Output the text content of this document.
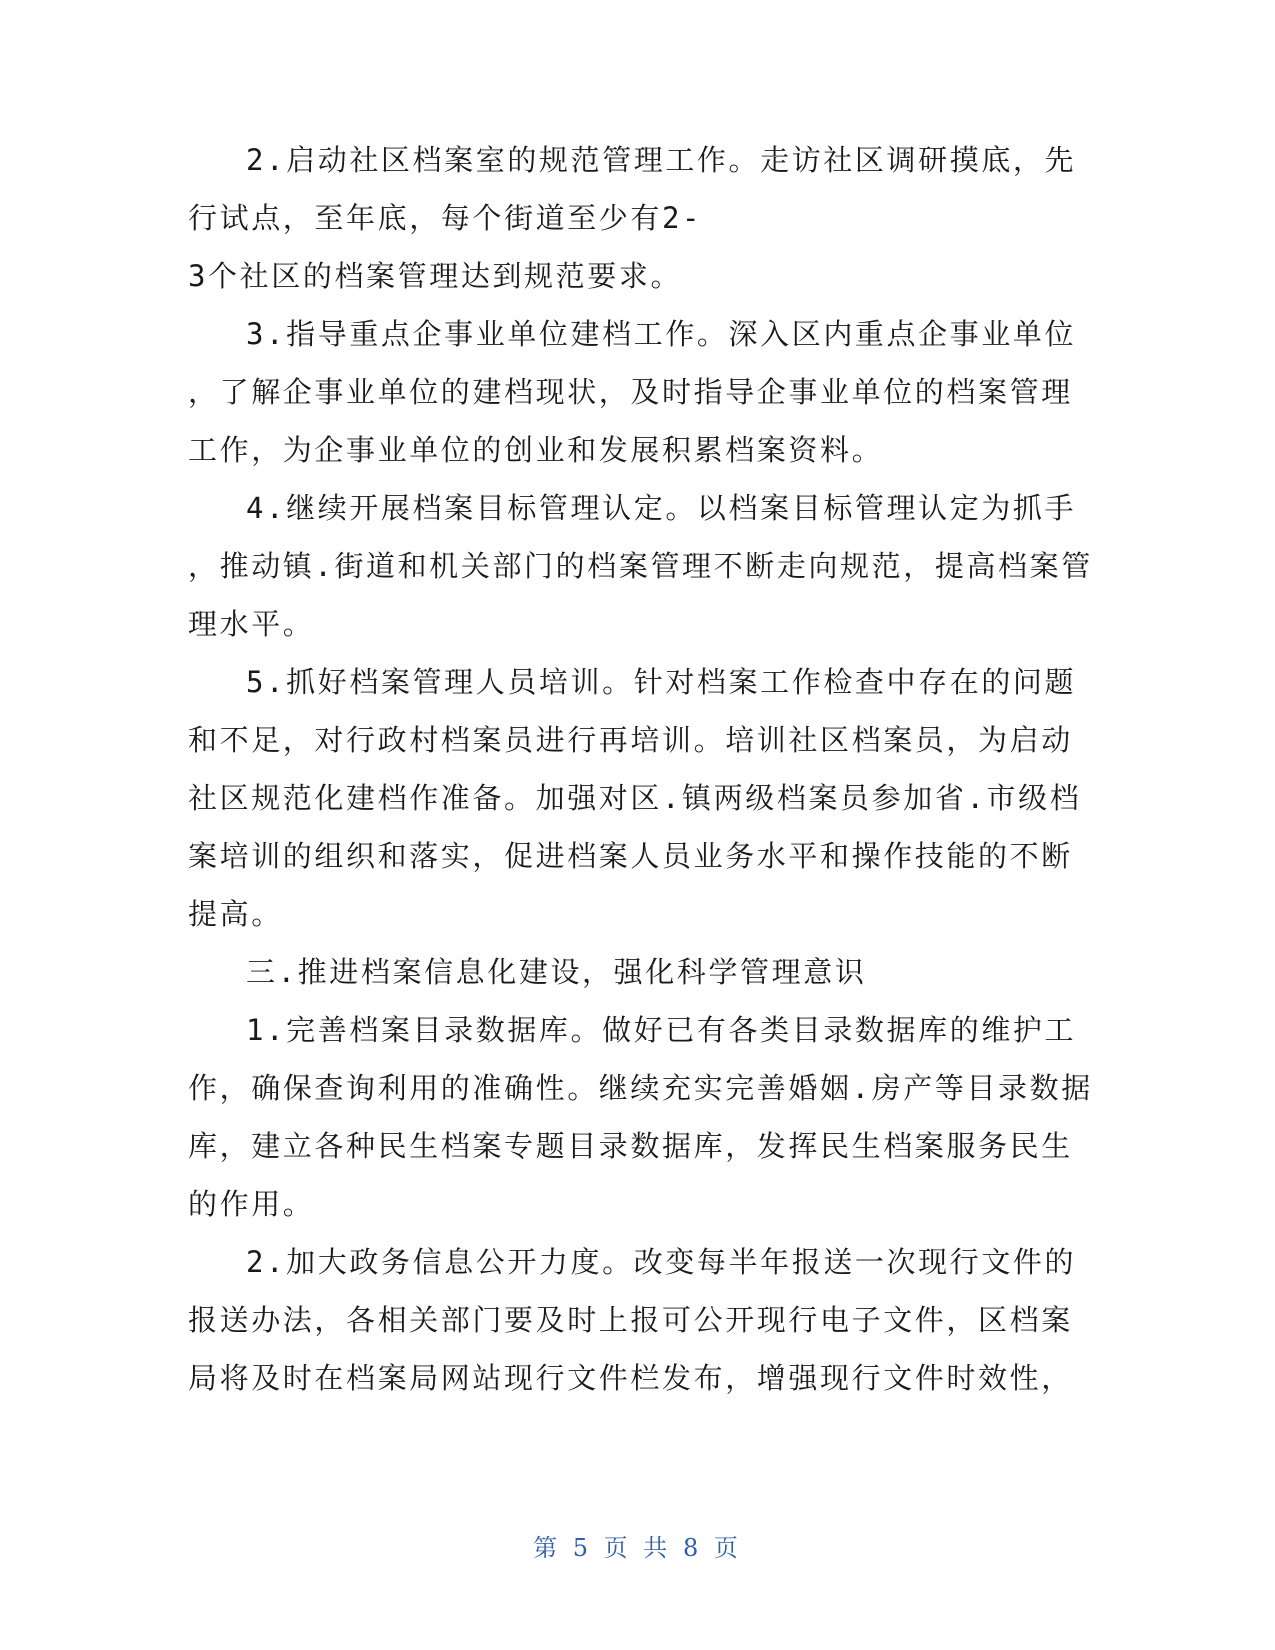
2.启动社区档案室的规范管理工作。走访社区调研摸底，先
行试点，至年底，每个街道至少有2-
3个社区的档案管理达到规范要求。
3.指导重点企事业单位建档工作。深入区内重点企事业单位
，了解企事业单位的建档现状，及时指导企事业单位的档案管理
工作，为企事业单位的创业和发展积累档案资料。
4.继续开展档案目标管理认定。以档案目标管理认定为抓手
，推动镇.街道和机关部门的档案管理不断走向规范，提高档案管
理水平。
5.抓好档案管理人员培训。针对档案工作检查中存在的问题
和不足，对行政村档案员进行再培训。培训社区档案员，为启动
社区规范化建档作准备。加强对区.镇两级档案员参加省.市级档
案培训的组织和落实，促进档案人员业务水平和操作技能的不断
提高。
三.推进档案信息化建设，强化科学管理意识
1.完善档案目录数据库。做好已有各类目录数据库的维护工
作，确保查询利用的准确性。继续充实完善婚姻.房产等目录数据
库，建立各种民生档案专题目录数据库，发挥民生档案服务民生
的作用。
2.加大政务信息公开力度。改变每半年报送一次现行文件的
报送办法，各相关部门要及时上报可公开现行电子文件，区档案
局将及时在档案局网站现行文件栏发布，增强现行文件时效性，
第 5 页 共 8 页
